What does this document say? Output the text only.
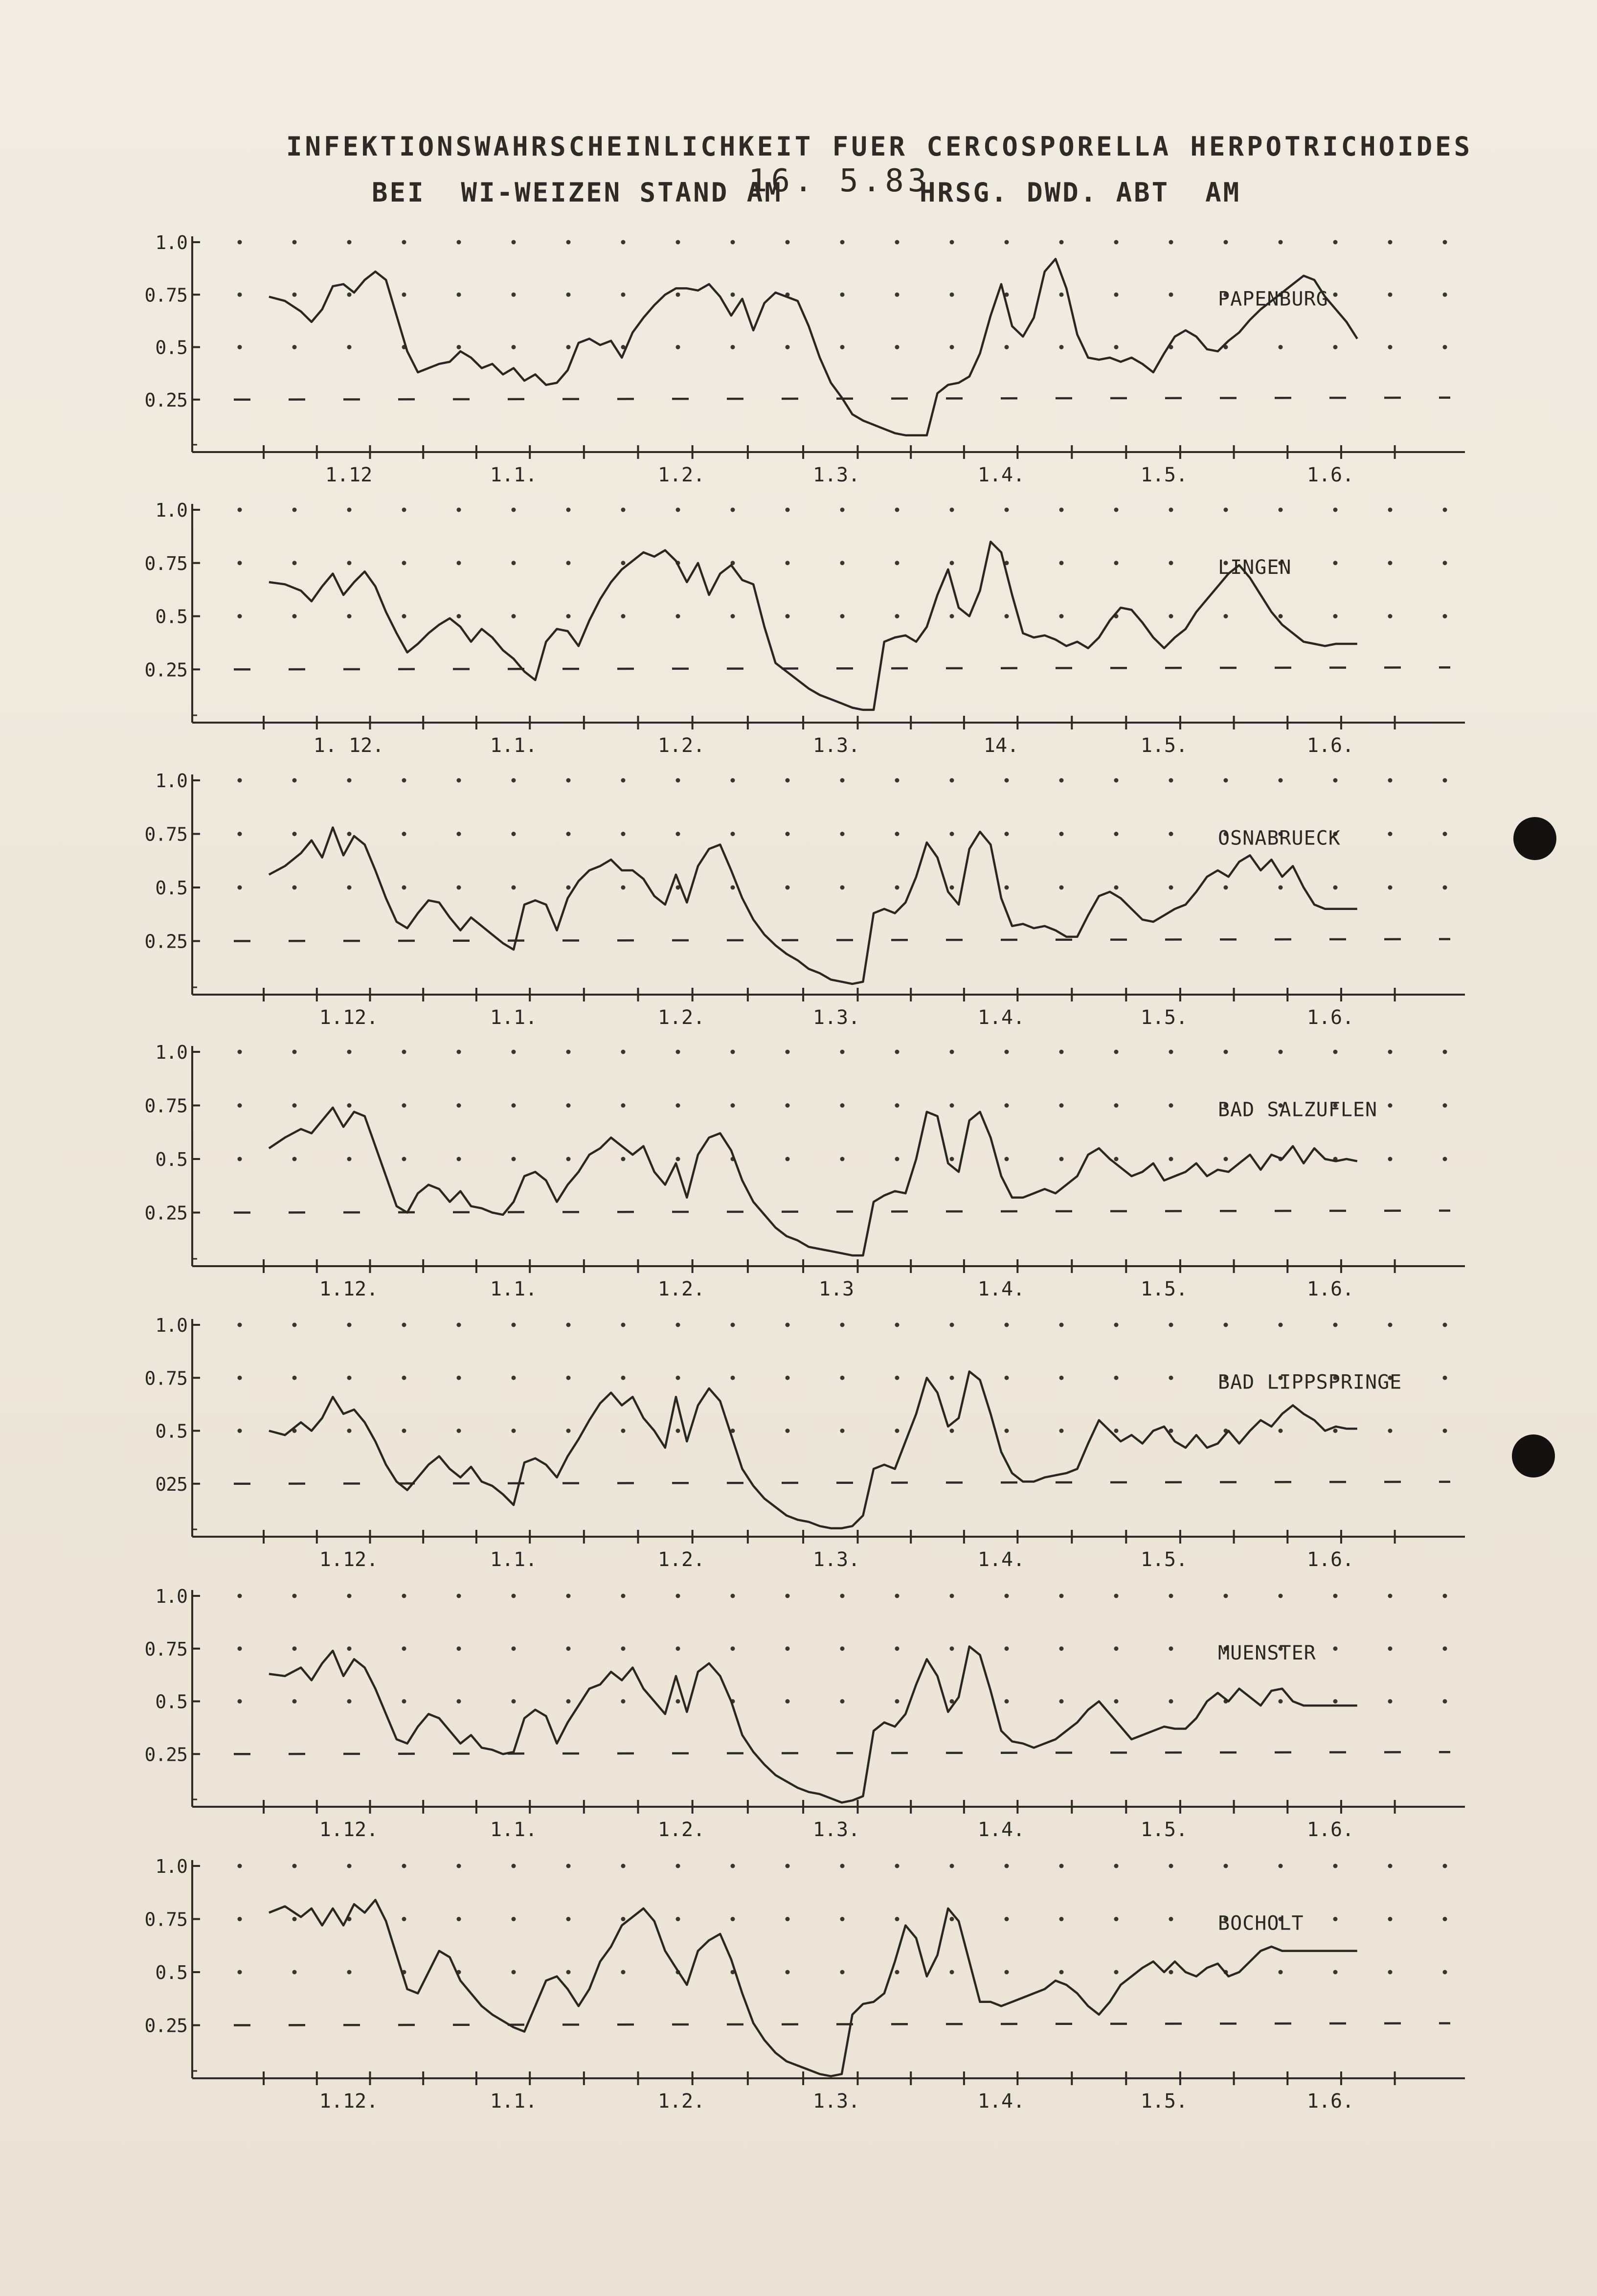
INFEKTIONSWAHRSCHEINLICHKEIT FUER CERCOSPORELLA HERPOTRICHOIDES
BEI  WI-WEIZEN STAND AM
16. 5.83
HRSG. DWD. ABT  AM
1.0
0.75
0.5
0.25
1.12	1.1.	1.2.	1.3.	1.4.	1.5.	1.6.
PAPENBURG
1.0
0.75
0.5
0.25
1. 12.	1.1.	1.2.	1.3.	14.	1.5.	1.6.
LINGEN
1.0
0.75
0.5
0.25
1.12.	1.1.	1.2.	1.3.	1.4.	1.5.	1.6.
OSNABRUECK
1.0
0.75
0.5
0.25
1.12.	1.1.	1.2.	1.3	1.4.	1.5.	1.6.
BAD SALZUFLEN
1.0
0.75
0.5
025
1.12.	1.1.	1.2.	1.3.	1.4.	1.5.	1.6.
BAD LIPPSPRINGE
1.0
0.75
0.5
0.25
1.12.	1.1.	1.2.	1.3.	1.4.	1.5.	1.6.
MUENSTER
1.0
0.75
0.5
0.25
1.12.	1.1.	1.2.	1.3.	1.4.	1.5.	1.6.
BOCHOLT
